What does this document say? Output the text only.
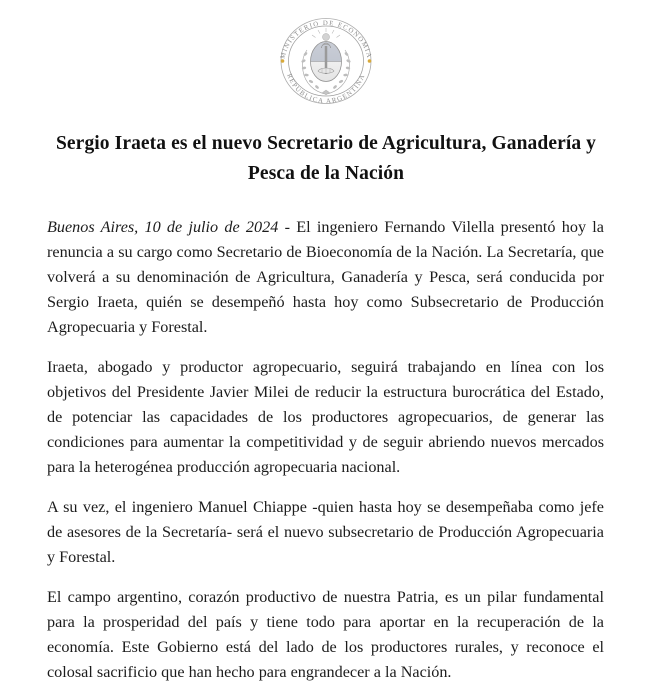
MINISTERIO DE ECONOMIA
REPUBLICA ARGENTINA
Sergio Iraeta es el nuevo Secretario de Agricultura, Ganadería y Pesca de la Nación

Buenos Aires, 10 de julio de 2024 - El ingeniero Fernando Vilella presentó hoy la renuncia a su cargo como Secretario de Bioeconomía de la Nación. La Secretaría, que volverá a su denominación de Agricultura, Ganadería y Pesca, será conducida por Sergio Iraeta, quién se desempeñó hasta hoy como Subsecretario de Producción Agropecuaria y Forestal.

Iraeta, abogado y productor agropecuario, seguirá trabajando en línea con los objetivos del Presidente Javier Milei de reducir la estructura burocrática del Estado, de potenciar las capacidades de los productores agropecuarios, de generar las condiciones para aumentar la competitividad y de seguir abriendo nuevos mercados para la heterogénea producción agropecuaria nacional.

A su vez, el ingeniero Manuel Chiappe -quien hasta hoy se desempeñaba como jefe de asesores de la Secretaría- será el nuevo subsecretario de Producción Agropecuaria y Forestal.

El campo argentino, corazón productivo de nuestra Patria, es un pilar fundamental para la prosperidad del país y tiene todo para aportar en la recuperación de la economía. Este Gobierno está del lado de los productores rurales, y reconoce el colosal sacrificio que han hecho para engrandecer a la Nación.
